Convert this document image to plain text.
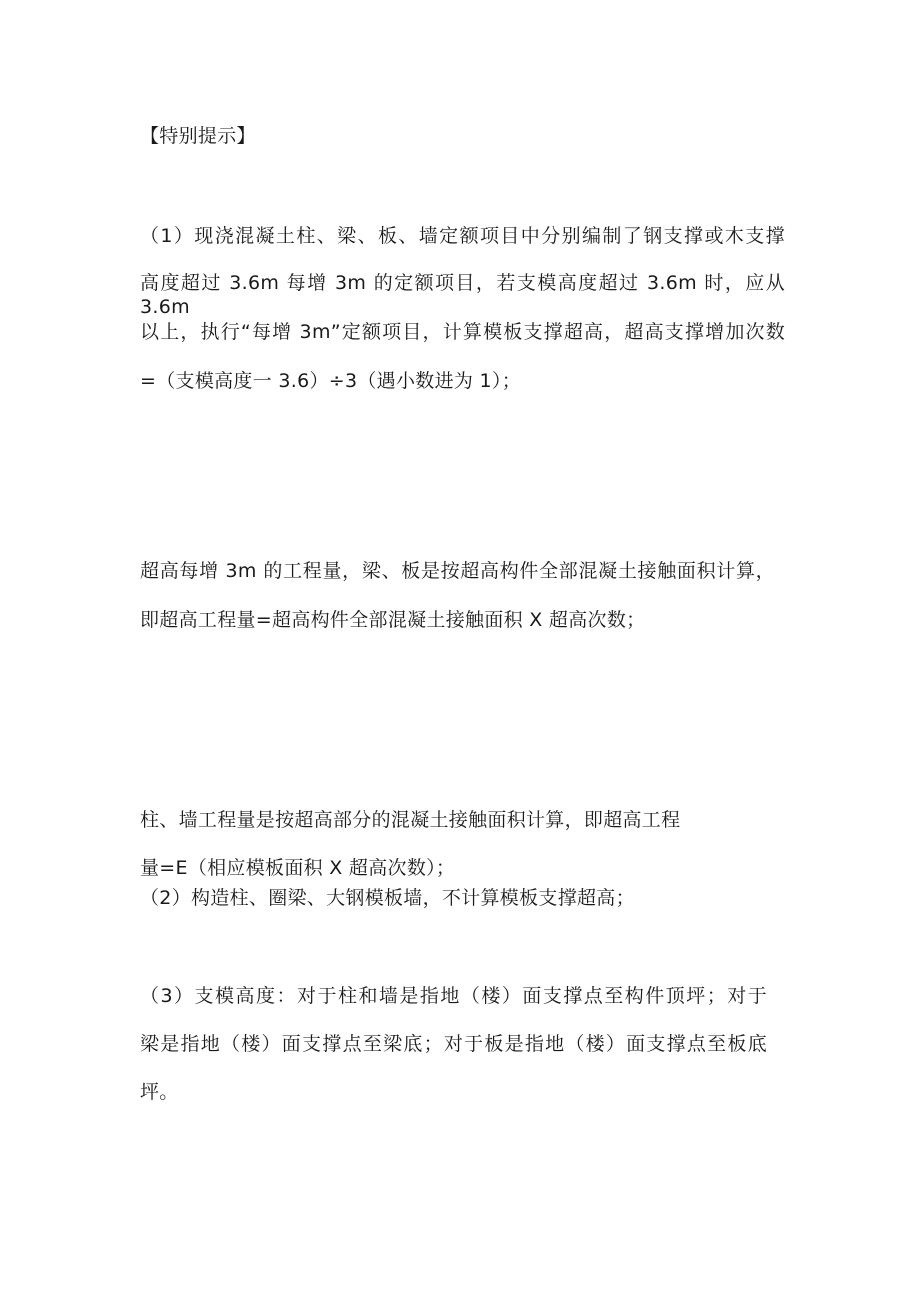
【特别提示】
（1）现浇混凝土柱、梁、板、墙定额项目中分别编制了钢支撑或木支撑
高度超过 3.6m 每增 3m 的定额项目，若支模高度超过 3.6m 时，应从 3.6m
以上，执行“每增 3m”定额项目，计算模板支撑超高，超高支撑增加次数
=（支模高度一 3.6）÷3（遇小数进为 1）；
超高每增 3m 的工程量，梁、板是按超高构件全部混凝土接触面积计算，
即超高工程量=超高构件全部混凝土接触面积 X 超高次数；
柱、墙工程量是按超高部分的混凝土接触面积计算，即超高工程
量=E（相应模板面积 X 超高次数）；
（2）构造柱、圈梁、大钢模板墙，不计算模板支撑超高；
（3）支模高度：对于柱和墙是指地（楼）面支撑点至构件顶坪；对于
梁是指地（楼）面支撑点至梁底；对于板是指地（楼）面支撑点至板底
坪。
